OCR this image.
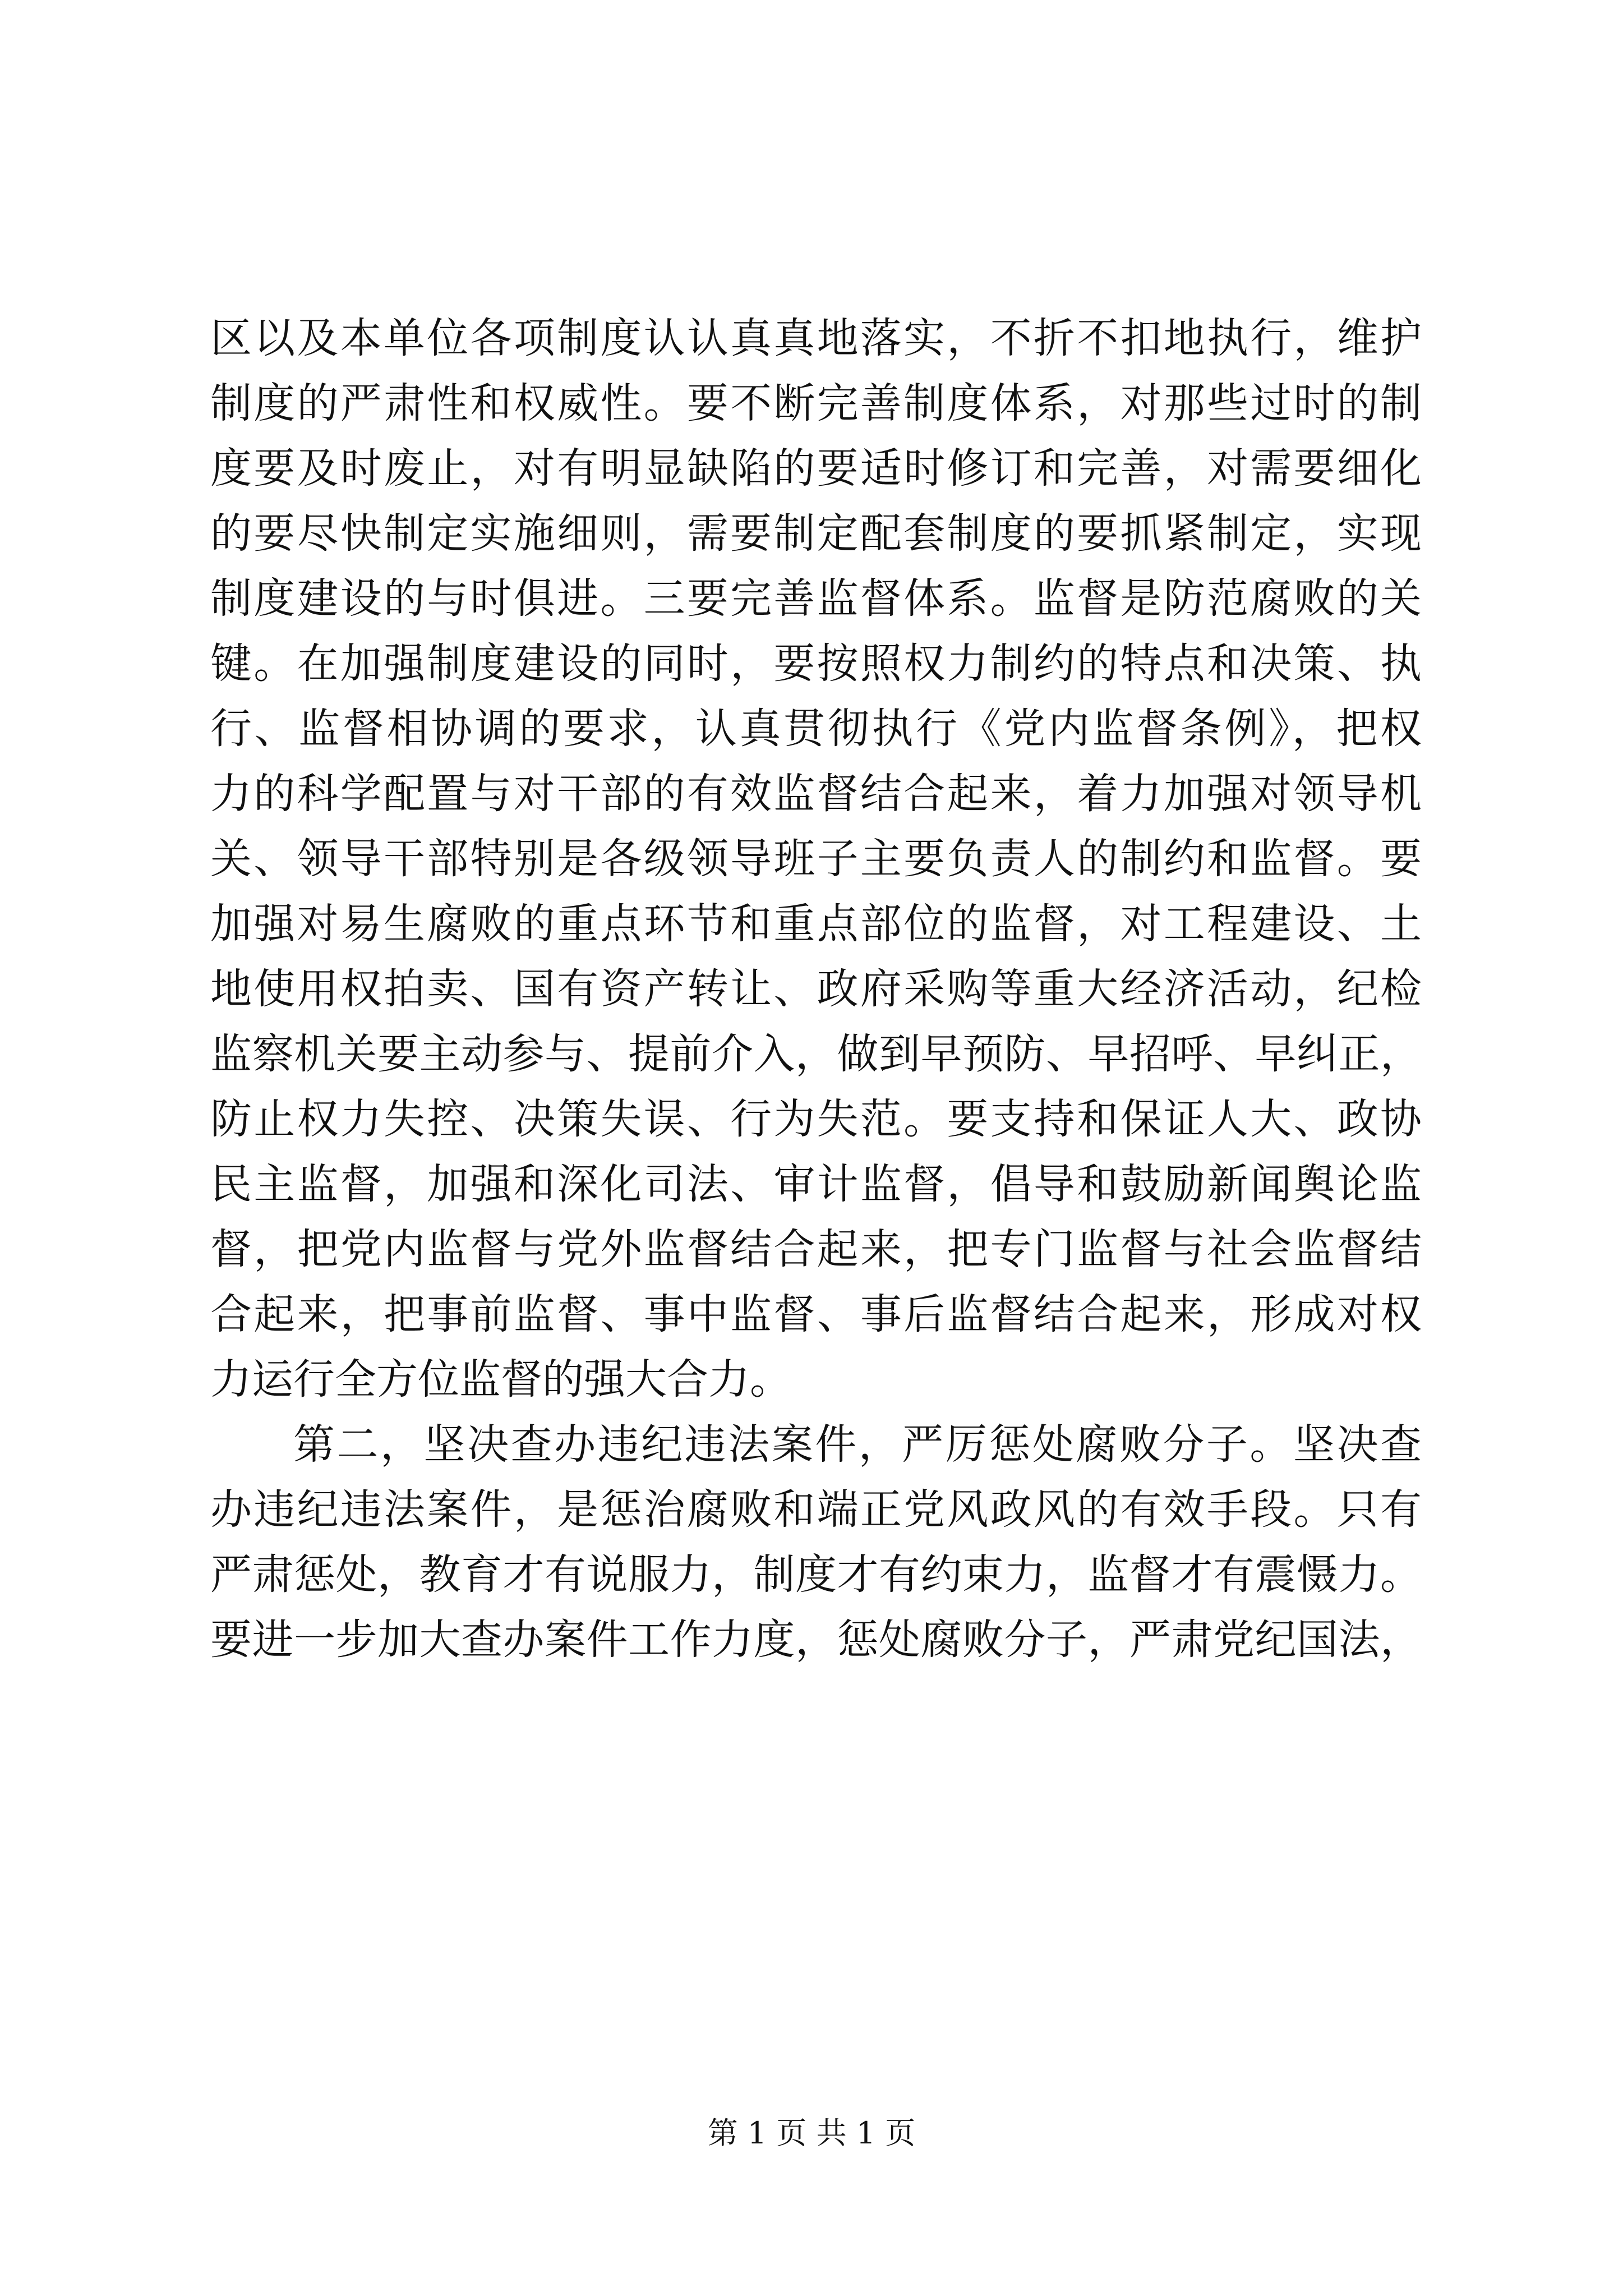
区以及本单位各项制度认认真真地落实，不折不扣地执行，维护
制度的严肃性和权威性。要不断完善制度体系，对那些过时的制
度要及时废止，对有明显缺陷的要适时修订和完善，对需要细化
的要尽快制定实施细则，需要制定配套制度的要抓紧制定，实现
制度建设的与时俱进。三要完善监督体系。监督是防范腐败的关
键。在加强制度建设的同时，要按照权力制约的特点和决策、执
行、监督相协调的要求，认真贯彻执行《党内监督条例》，把权
力的科学配置与对干部的有效监督结合起来，着力加强对领导机
关、领导干部特别是各级领导班子主要负责人的制约和监督。要
加强对易生腐败的重点环节和重点部位的监督，对工程建设、土
地使用权拍卖、国有资产转让、政府采购等重大经济活动，纪检
监察机关要主动参与、提前介入，做到早预防、早招呼、早纠正，
防止权力失控、决策失误、行为失范。要支持和保证人大、政协
民主监督，加强和深化司法、审计监督，倡导和鼓励新闻舆论监
督，把党内监督与党外监督结合起来，把专门监督与社会监督结
合起来，把事前监督、事中监督、事后监督结合起来，形成对权
力运行全方位监督的强大合力。

第二，坚决查办违纪违法案件，严厉惩处腐败分子。坚决查
办违纪违法案件，是惩治腐败和端正党风政风的有效手段。只有
严肃惩处，教育才有说服力，制度才有约束力，监督才有震慑力。
要进一步加大查办案件工作力度，惩处腐败分子，严肃党纪国法，

第 1 页 共 1 页
